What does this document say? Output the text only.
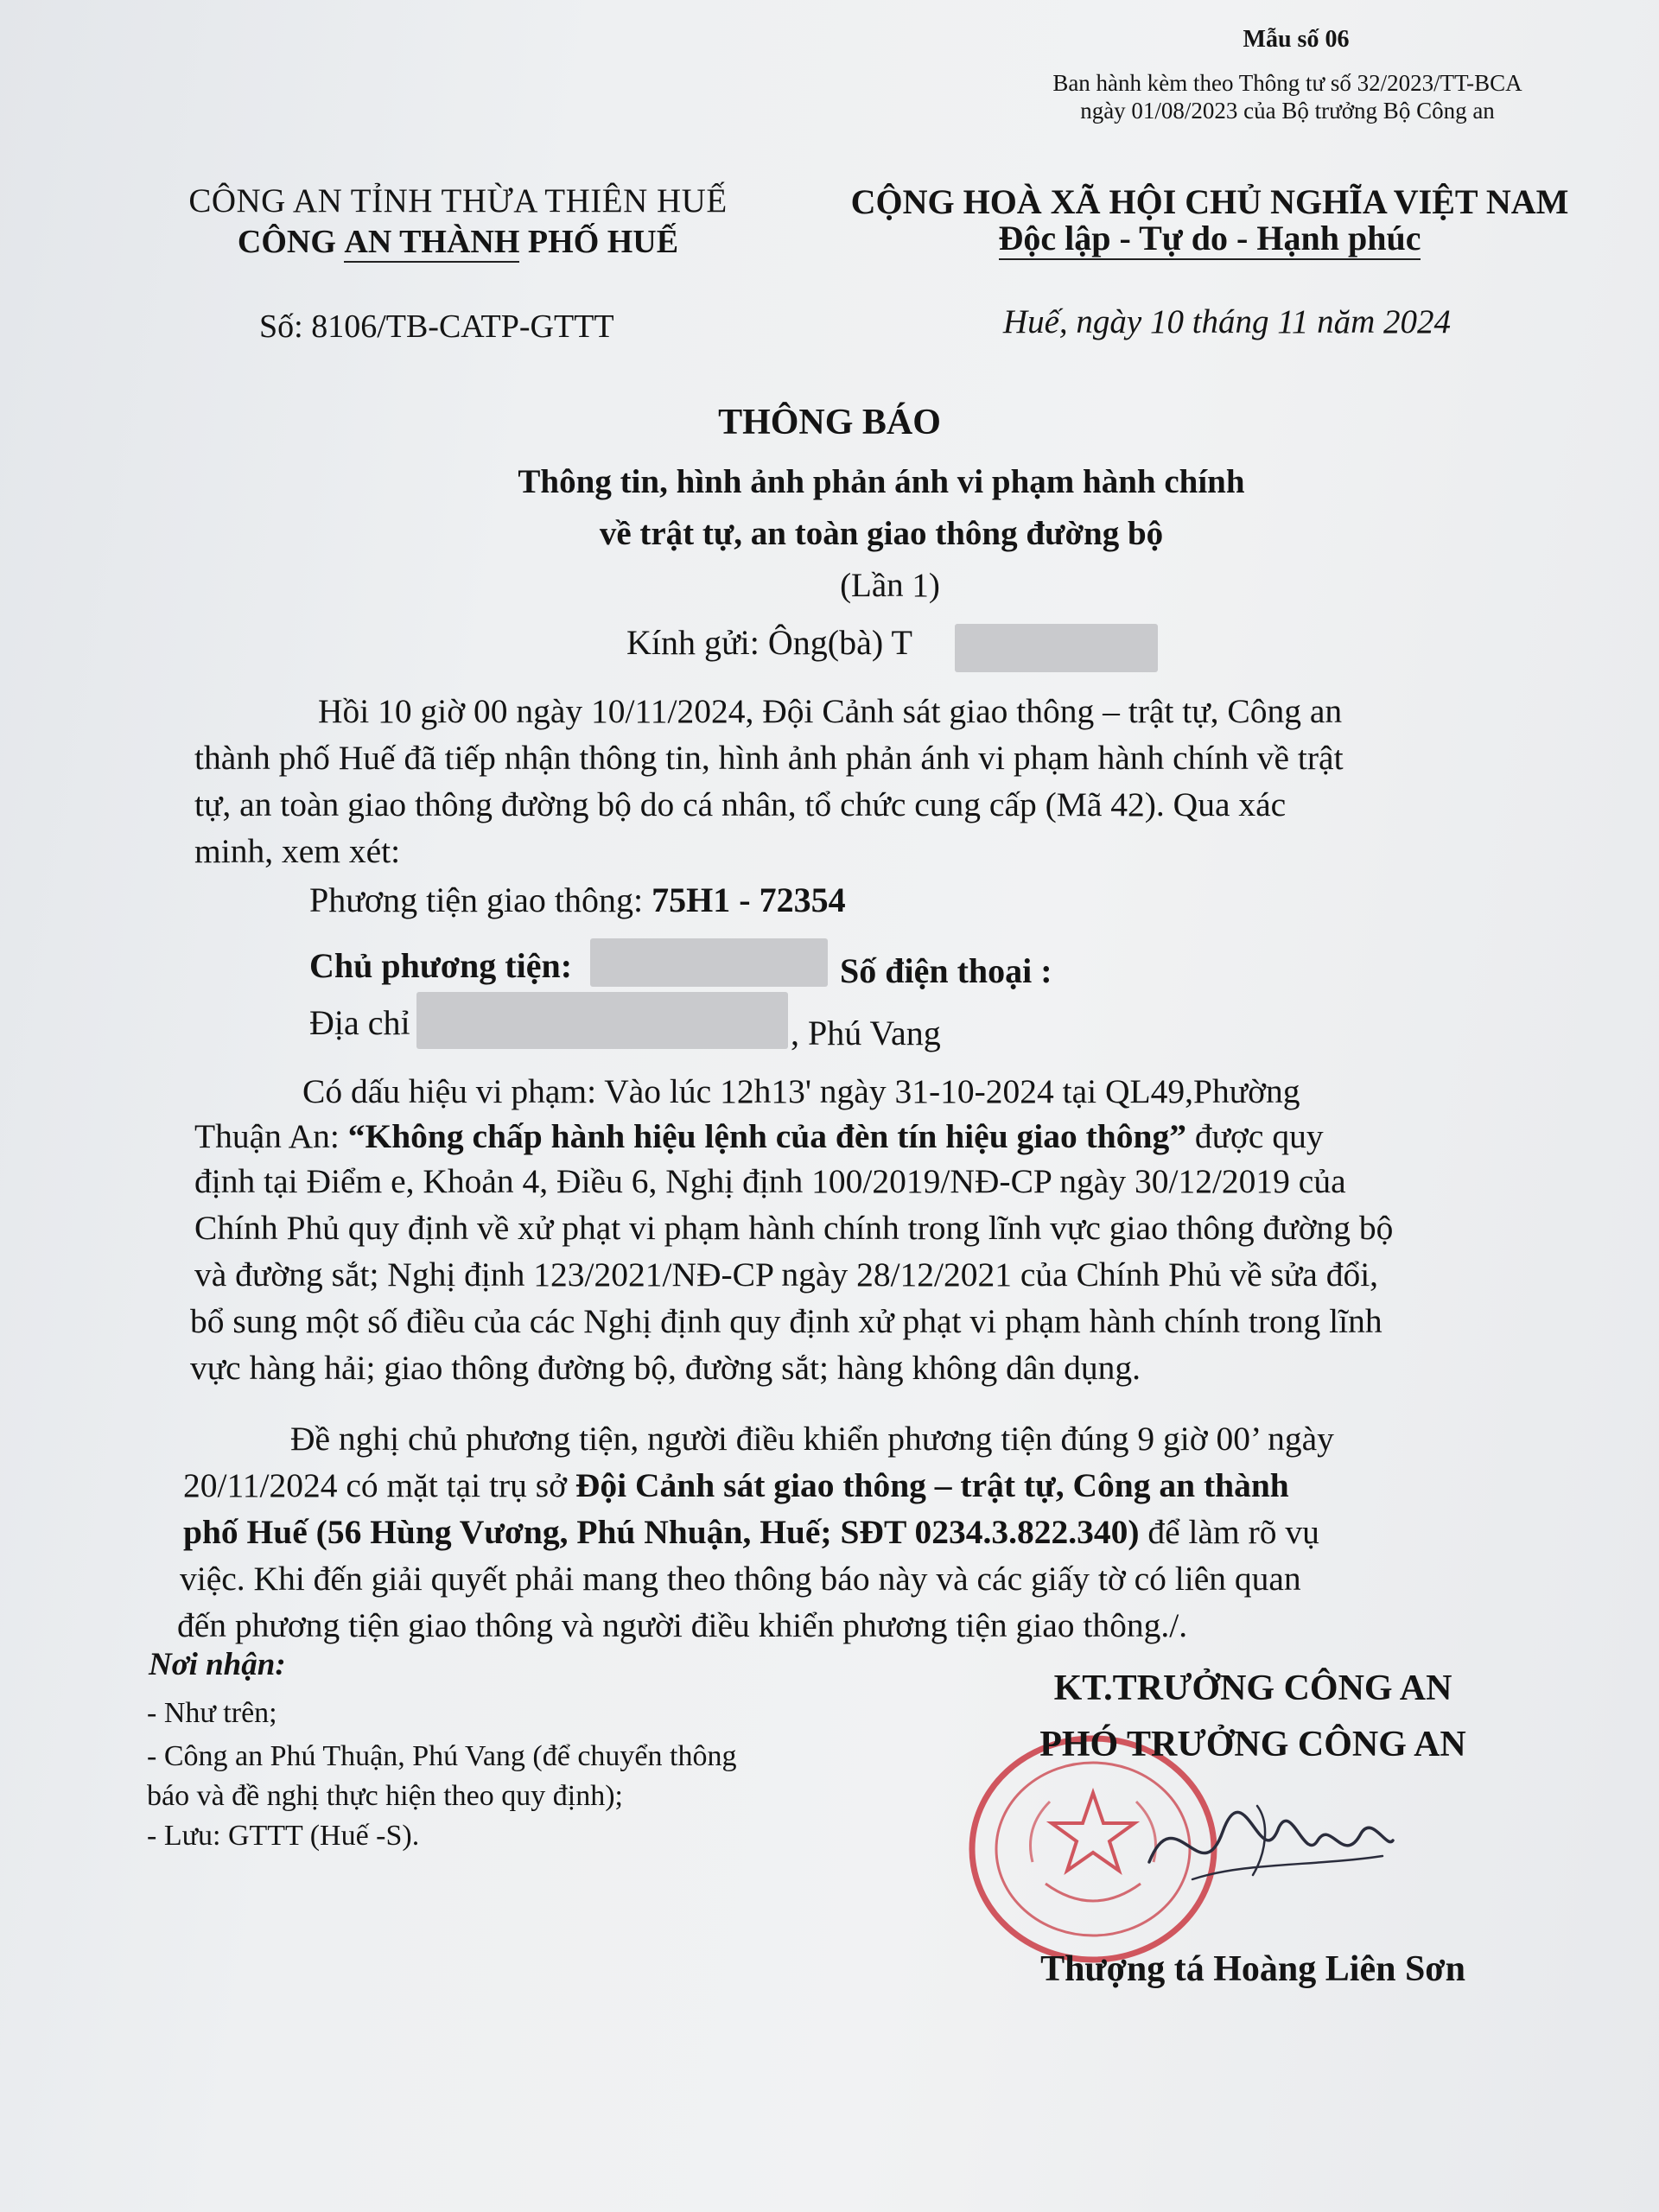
Mẫu số 06
Ban hành kèm theo Thông tư số 32/2023/TT-BCA
ngày 01/08/2023 của Bộ trưởng Bộ Công an
CÔNG AN TỈNH THỪA THIÊN HUẾ
CÔNG AN THÀNH PHỐ HUẾ
CỘNG HOÀ XÃ HỘI CHỦ NGHĨA VIỆT NAM
Độc lập - Tự do - Hạnh phúc
Số: 8106/TB-CATP-GTTT	Huế, ngày 10 tháng 11 năm 2024
THÔNG BÁO
Thông tin, hình ảnh phản ánh vi phạm hành chính
về trật tự, an toàn giao thông đường bộ
(Lần 1)
Kính gửi: Ông(bà) T
Hồi 10 giờ 00 ngày 10/11/2024, Đội Cảnh sát giao thông – trật tự, Công an
thành phố Huế đã tiếp nhận thông tin, hình ảnh phản ánh vi phạm hành chính về trật
tự, an toàn giao thông đường bộ do cá nhân, tổ chức cung cấp (Mã 42). Qua xác
minh, xem xét:
Phương tiện giao thông: 75H1 - 72354
Chủ phương tiện:	Số điện thoại :
Địa chỉ	, Phú Vang
Có dấu hiệu vi phạm: Vào lúc 12h13' ngày 31-10-2024 tại QL49,Phường
Thuận An: “Không chấp hành hiệu lệnh của đèn tín hiệu giao thông” được quy
định tại Điểm e, Khoản 4, Điều 6, Nghị định 100/2019/NĐ-CP ngày 30/12/2019 của
Chính Phủ quy định về xử phạt vi phạm hành chính trong lĩnh vực giao thông đường bộ
và đường sắt; Nghị định 123/2021/NĐ-CP ngày 28/12/2021 của Chính Phủ về sửa đổi,
bổ sung một số điều của các Nghị định quy định xử phạt vi phạm hành chính trong lĩnh
vực hàng hải; giao thông đường bộ, đường sắt; hàng không dân dụng.
Đề nghị chủ phương tiện, người điều khiển phương tiện đúng 9 giờ 00’ ngày
20/11/2024 có mặt tại trụ sở Đội Cảnh sát giao thông – trật tự, Công an thành
phố Huế (56 Hùng Vương, Phú Nhuận, Huế; SĐT 0234.3.822.340) để làm rõ vụ
việc. Khi đến giải quyết phải mang theo thông báo này và các giấy tờ có liên quan
đến phương tiện giao thông và người điều khiển phương tiện giao thông./.
Nơi nhận:
- Như trên;
- Công an Phú Thuận, Phú Vang (để chuyển thông
báo và đề nghị thực hiện theo quy định);
- Lưu: GTTT (Huế -S).
KT.TRƯỞNG CÔNG AN
PHÓ TRƯỞNG CÔNG AN
Thượng tá Hoàng Liên Sơn
